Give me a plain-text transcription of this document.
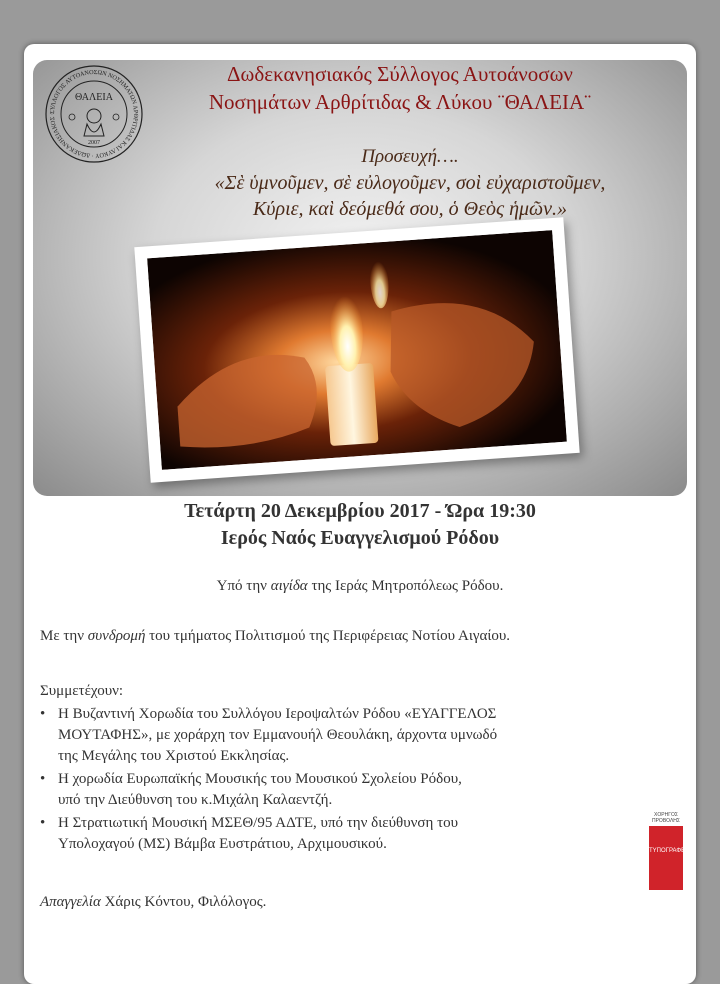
ΣΥΛΛΟΓΟΣ ΑΥΤΟΑΝΟΣΩΝ ΝΟΣΗΜΑΤΩΝ ΑΡΘΡΙΤΙΔΑΣ ΚΑΙ ΛΥΚΟΥ · ΔΩΔΕΚΑΝΗΣΙΑΚΟΣ ·
ΘΑΛΕΙΑ
2007
Δωδεκανησιακός Σύλλογος Αυτοάνοσων
Νοσημάτων Αρθρίτιδας & Λύκου ¨ΘΑΛΕΙΑ¨
Προσευχή….
«Σὲ ὑμνοῦμεν, σὲ εὐλογοῦμεν, σοὶ εὐχαριστοῦμεν,
Κύριε, καὶ δεόμεθά σου, ὁ Θεὸς ἡμῶν.»
Τετάρτη 20 Δεκεμβρίου 2017 - Ώρα 19:30
Ιερός Ναός Ευαγγελισμού Ρόδου
Υπό την αιγίδα της Ιεράς Μητροπόλεως Ρόδου.
Με την συνδρομή του τμήματος Πολιτισμού της Περιφέρειας Νοτίου Αιγαίου.
Συμμετέχουν:
• Η Βυζαντινή Χορωδία του Συλλόγου Ιεροψαλτών Ρόδου «ΕΥΑΓΓΕΛΟΣ
ΜΟΥΤΑΦΗΣ», με χοράρχη τον Εμμανουήλ Θεουλάκη, άρχοντα υμνωδό
της Μεγάλης του Χριστού Εκκλησίας.
• Η χορωδία Ευρωπαϊκής Μουσικής του Μουσικού Σχολείου Ρόδου,
υπό την Διεύθυνση του κ.Μιχάλη Καλαεντζή.
• Η Στρατιωτική Μουσική ΜΣΕΘ/95 ΑΔΤΕ, υπό την διεύθυνση του
Υπολοχαγού (ΜΣ) Βάμβα Ευστράτιου, Αρχιμουσικού.
Απαγγελία Χάρις Κόντου, Φιλόλογος.
ΧΟΡΗΓΟΣ
ΠΡΟΒΟΛΗΣ
ΤΥΠΟΓΡΑΦΕΙΟ
